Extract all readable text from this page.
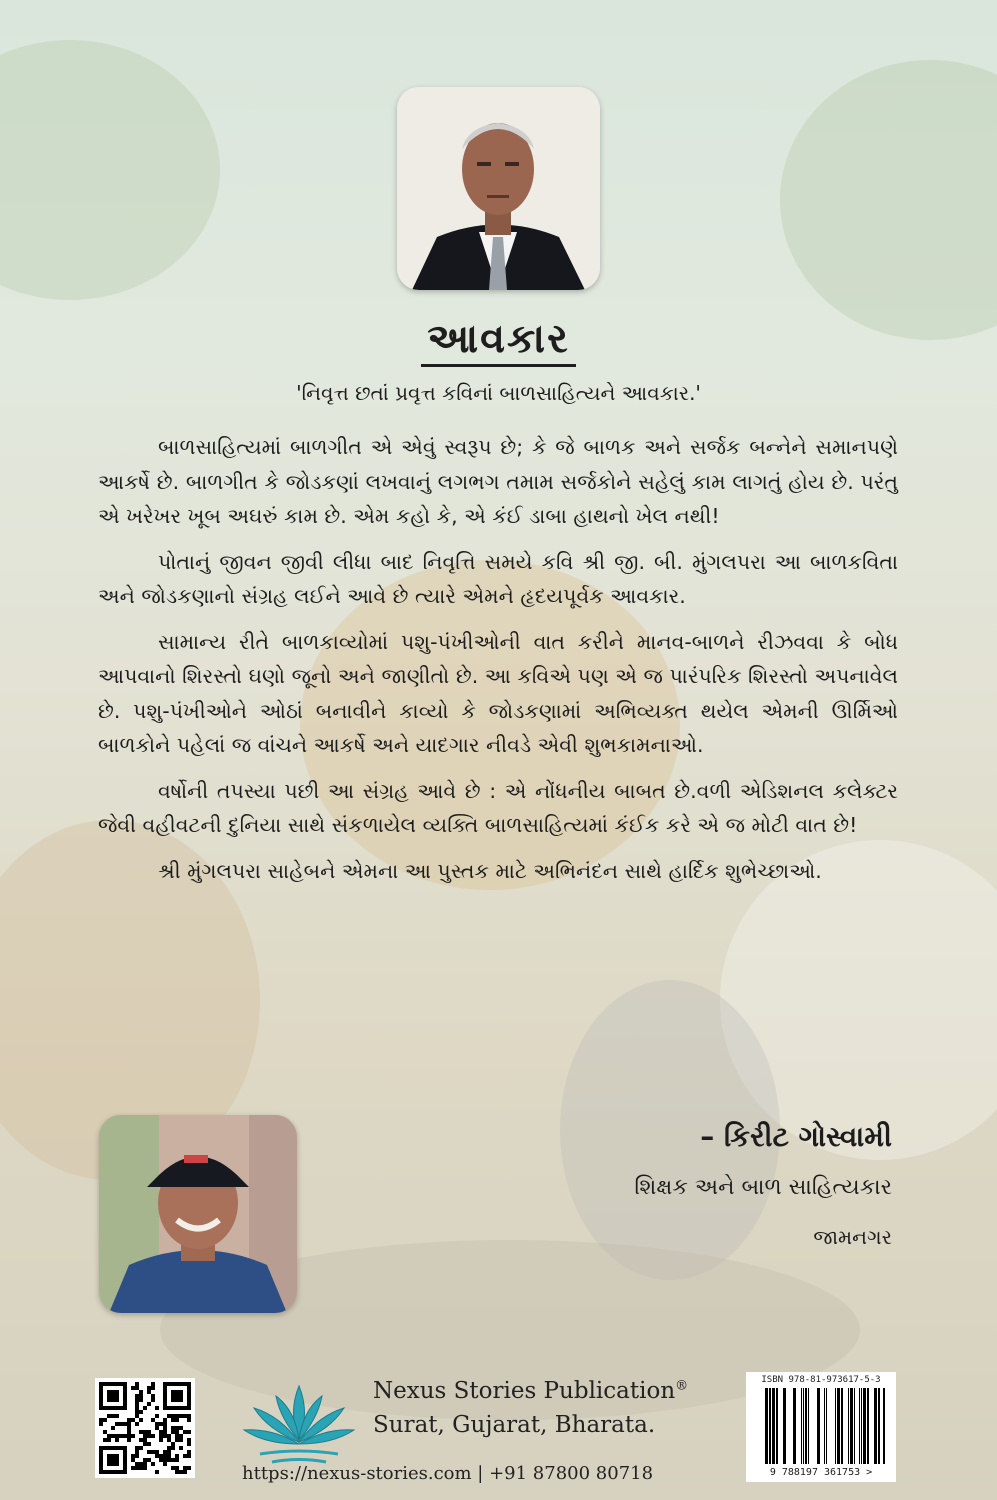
આવકાર
'નિવૃત્ત છતાં પ્રવૃત્ત કવિનાં બાળસાહિત્યને આવકાર.'

બાળસાહિત્યમાં બાળગીત એ એવું સ્વરૂપ છે; કે જે બાળક અને સર્જક બન્નેને સમાનપણે આકર્ષે છે. બાળગીત કે જોડકણાં લખવાનું લગભગ તમામ સર્જકોને સહેલું કામ લાગતું હોય છે. પરંતુ એ ખરેખર ખૂબ અઘરું કામ છે. એમ કહો કે, એ કંઈ ડાબા હાથનો ખેલ નથી!

પોતાનું જીવન જીવી લીધા બાદ નિવૃત્તિ સમયે કવિ શ્રી જી. બી. મુંગલપરા આ બાળકવિતા અને જોડકણાનો સંગ્રહ લઈને આવે છે ત્યારે એમને હૃદયપૂર્વક આવકાર.

સામાન્ય રીતે બાળકાવ્યોમાં પશુ-પંખીઓની વાત કરીને માનવ-બાળને રીઝવવા કે બોધ આપવાનો શિરસ્તો ઘણો જૂનો અને જાણીતો છે. આ કવિએ પણ એ જ પારંપરિક શિરસ્તો અપનાવેલ છે. પશુ-પંખીઓને ઓઠાં બનાવીને કાવ્યો કે જોડકણામાં અભિવ્યક્ત થયેલ એમની ઊર્મિઓ બાળકોને પહેલાં જ વાંચને આકર્ષે અને યાદગાર નીવડે એવી શુભકામનાઓ.

વર્ષોની તપસ્યા પછી આ સંગ્રહ આવે છે : એ નોંધનીય બાબત છે.વળી એડિશનલ કલેક્ટર જેવી વહીવટની દુનિયા સાથે સંકળાયેલ વ્યક્તિ બાળસાહિત્યમાં કંઈક કરે એ જ મોટી વાત છે!

શ્રી મુંગલપરા સાહેબને એમના આ પુસ્તક માટે અભિનંદન સાથે હાર્દિક શુભેચ્છાઓ.

– કિરીટ ગોસ્વામી
શિક્ષક અને બાળ સાહિત્યકાર
જામનગર
Nexus Stories Publication®
Surat, Gujarat, Bharata.
https://nexus-stories.com | +91 87800 80718
ISBN 978-81-973617-5-3
9 788197 361753 >
